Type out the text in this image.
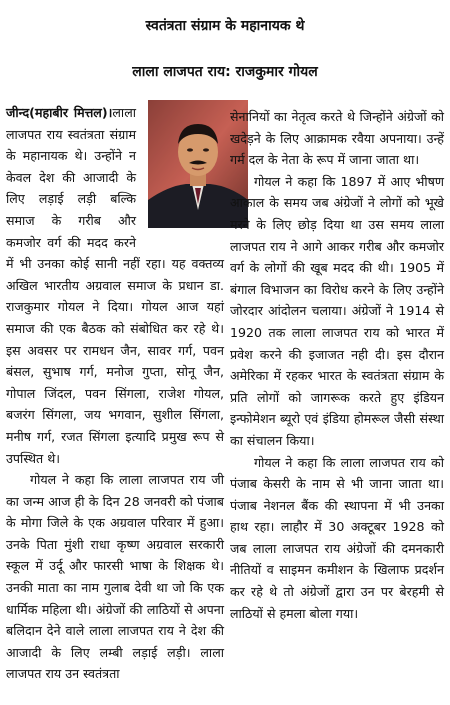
स्वतंत्रता संग्राम के महानायक थे
लाला लाजपत राय: राजकुमार गोयल

जीन्द(महाबीर मित्तल)।लाला लाजपत राय स्वतंत्रता संग्राम के महानायक थे। उन्होंने न केवल देश की आजादी के लिए लड़ाई लड़ी बल्कि समाज के गरीब और कमजोर वर्ग की मदद करने में भी उनका कोई सानी नहीं रहा। यह वक्तव्य अखिल भारतीय अग्रवाल समाज के प्रधान डा. राजकुमार गोयल ने दिया। गोयल आज यहां समाज की एक बैठक को संबोधित कर रहे थे। इस अवसर पर रामधन जैन, सावर गर्ग, पवन बंसल, सुभाष गर्ग, मनोज गुप्ता, सोनू जैन, गोपाल जिंदल, पवन सिंगला, राजेश गोयल, बजरंग सिंगला, जय भगवान, सुशील सिंगला, मनीष गर्ग, रजत सिंगला इत्यादि प्रमुख रूप से उपस्थित थे।

गोयल ने कहा कि लाला लाजपत राय जी का जन्म आज ही के दिन 28 जनवरी को पंजाब के मोगा जिले के एक अग्रवाल परिवार में हुआ। उनके पिता मुंशी राधा कृष्ण अग्रवाल सरकारी स्कूल में उर्दू और फारसी भाषा के शिक्षक थे। उनकी माता का नाम गुलाब देवी था जो कि एक धार्मिक महिला थी। अंग्रेजों की लाठियों से अपना बलिदान देने वाले लाला लाजपत राय ने देश की आजादी के लिए लम्बी लड़ाई लड़ी। लाला लाजपत राय उन स्वतंत्रता

सेनानियों का नेतृत्व करते थे जिन्होंने अंग्रेजों को खदेड़ने के लिए आक्रामक रवैया अपनाया। उन्हें गर्म दल के नेता के रूप में जाना जाता था।

गोयल ने कहा कि 1897 में आए भीषण आकाल के समय जब अंग्रेजों ने लोगों को भूखे मरने के लिए छोड़ दिया था उस समय लाला लाजपत राय ने आगे आकर गरीब और कमजोर वर्ग के लोगों की खूब मदद की थी। 1905 में बंगाल विभाजन का विरोध करने के लिए उन्होंने जोरदार आंदोलन चलाया। अंग्रेजों ने 1914 से 1920 तक लाला लाजपत राय को भारत में प्रवेश करने की इजाजत नही दी। इस दौरान अमेरिका में रहकर भारत के स्वतंत्रता संग्राम के प्रति लोगों को जागरूक करते हुए इंडियन इन्फोमेशन ब्यूरो एवं इंडिया होमरूल जैसी संस्था का संचालन किया।

गोयल ने कहा कि लाला लाजपत राय को पंजाब केसरी के नाम से भी जाना जाता था। पंजाब नेशनल बैंक की स्थापना में भी उनका हाथ रहा। लाहौर में 30 अक्टूबर 1928 को जब लाला लाजपत राय अंग्रेजों की दमनकारी नीतियों व साइमन कमीशन के खिलाफ प्रदर्शन कर रहे थे तो अंग्रेजों द्वारा उन पर बेरहमी से लाठियों से हमला बोला गया।
